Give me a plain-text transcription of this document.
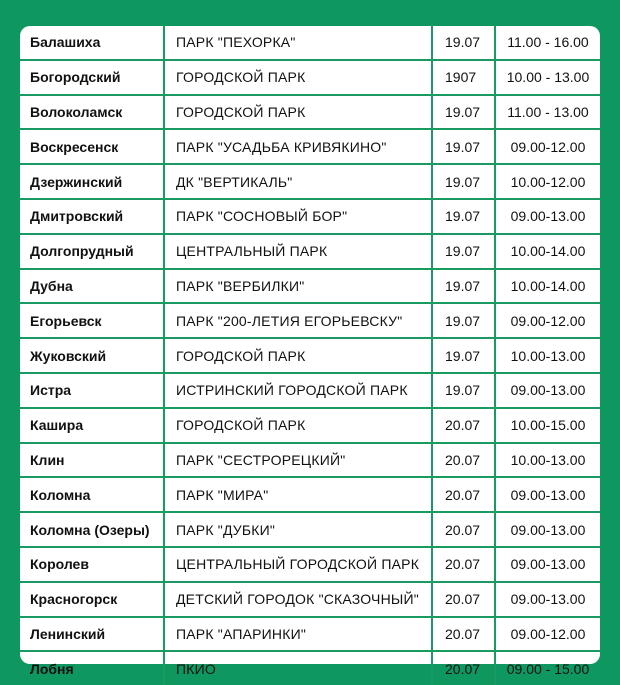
Балашиха	ПАРК "ПЕХОРКА"	19.07	11.00 - 16.00
Богородский	ГОРОДСКОЙ ПАРК	1907	10.00 - 13.00
Волоколамск	ГОРОДСКОЙ ПАРК	19.07	11.00 - 13.00
Воскресенск	ПАРК "УСАДЬБА КРИВЯКИНО"	19.07	09.00-12.00
Дзержинский	ДК "ВЕРТИКАЛЬ"	19.07	10.00-12.00
Дмитровский	ПАРК "СОСНОВЫЙ БОР"	19.07	09.00-13.00
Долгопрудный	ЦЕНТРАЛЬНЫЙ ПАРК	19.07	10.00-14.00
Дубна	ПАРК "ВЕРБИЛКИ"	19.07	10.00-14.00
Егорьевск	ПАРК "200-ЛЕТИЯ ЕГОРЬЕВСКУ"	19.07	09.00-12.00
Жуковский	ГОРОДСКОЙ ПАРК	19.07	10.00-13.00
Истра	ИСТРИНСКИЙ ГОРОДСКОЙ ПАРК	19.07	09.00-13.00
Кашира	ГОРОДСКОЙ ПАРК	20.07	10.00-15.00
Клин	ПАРК "СЕСТРОРЕЦКИЙ"	20.07	10.00-13.00
Коломна	ПАРК "МИРА"	20.07	09.00-13.00
Коломна (Озеры)	ПАРК "ДУБКИ"	20.07	09.00-13.00
Королев	ЦЕНТРАЛЬНЫЙ ГОРОДСКОЙ ПАРК	20.07	09.00-13.00
Красногорск	ДЕТСКИЙ ГОРОДОК "СКАЗОЧНЫЙ"	20.07	09.00-13.00
Ленинский	ПАРК "АПАРИНКИ"	20.07	09.00-12.00
Лобня	ПКИО	20.07	09.00 - 15.00
